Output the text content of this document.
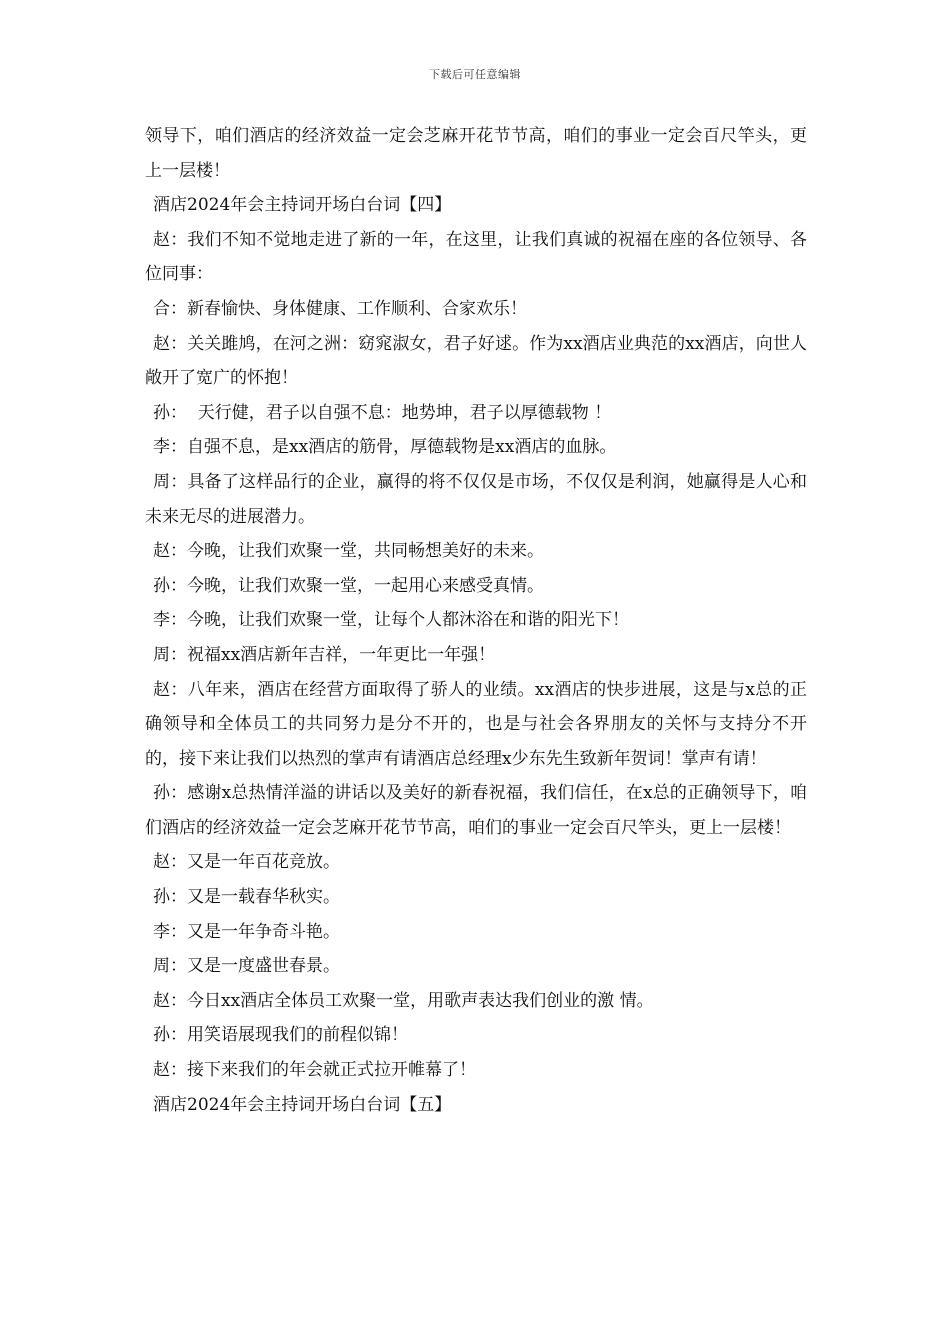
下载后可任意编辑

领导下，咱们酒店的经济效益一定会芝麻开花节节高，咱们的事业一定会百尺竿头，更上一层楼！

酒店2024年会主持词开场白台词【四】

赵：我们不知不觉地走进了新的一年，在这里，让我们真诚的祝福在座的各位领导、各位同事：

合：新春愉快、身体健康、工作顺利、合家欢乐！

赵：关关雎鸠，在河之洲：窈窕淑女，君子好逑。作为xx酒店业典范的xx酒店，向世人敞开了宽广的怀抱！

孙：  天行健，君子以自强不息：地势坤，君子以厚德载物 ！

李：自强不息，是xx酒店的筋骨，厚德载物是xx酒店的血脉。

周：具备了这样品行的企业，赢得的将不仅仅是市场，不仅仅是利润，她赢得是人心和未来无尽的进展潜力。

赵：今晚，让我们欢聚一堂，共同畅想美好的未来。

孙：今晚，让我们欢聚一堂，一起用心来感受真情。

李：今晚，让我们欢聚一堂，让每个人都沐浴在和谐的阳光下！

周：祝福xx酒店新年吉祥，一年更比一年强！

赵：八年来，酒店在经营方面取得了骄人的业绩。xx酒店的快步进展，这是与x总的正确领导和全体员工的共同努力是分不开的，也是与社会各界朋友的关怀与支持分不开的，接下来让我们以热烈的掌声有请酒店总经理x少东先生致新年贺词！掌声有请！

孙：感谢x总热情洋溢的讲话以及美好的新春祝福，我们信任，在x总的正确领导下，咱们酒店的经济效益一定会芝麻开花节节高，咱们的事业一定会百尺竿头，更上一层楼！

赵：又是一年百花竞放。

孙：又是一载春华秋实。

李：又是一年争奇斗艳。

周：又是一度盛世春景。

赵：今日xx酒店全体员工欢聚一堂，用歌声表达我们创业的激 情。

孙：用笑语展现我们的前程似锦！

赵：接下来我们的年会就正式拉开帷幕了！

酒店2024年会主持词开场白台词【五】
